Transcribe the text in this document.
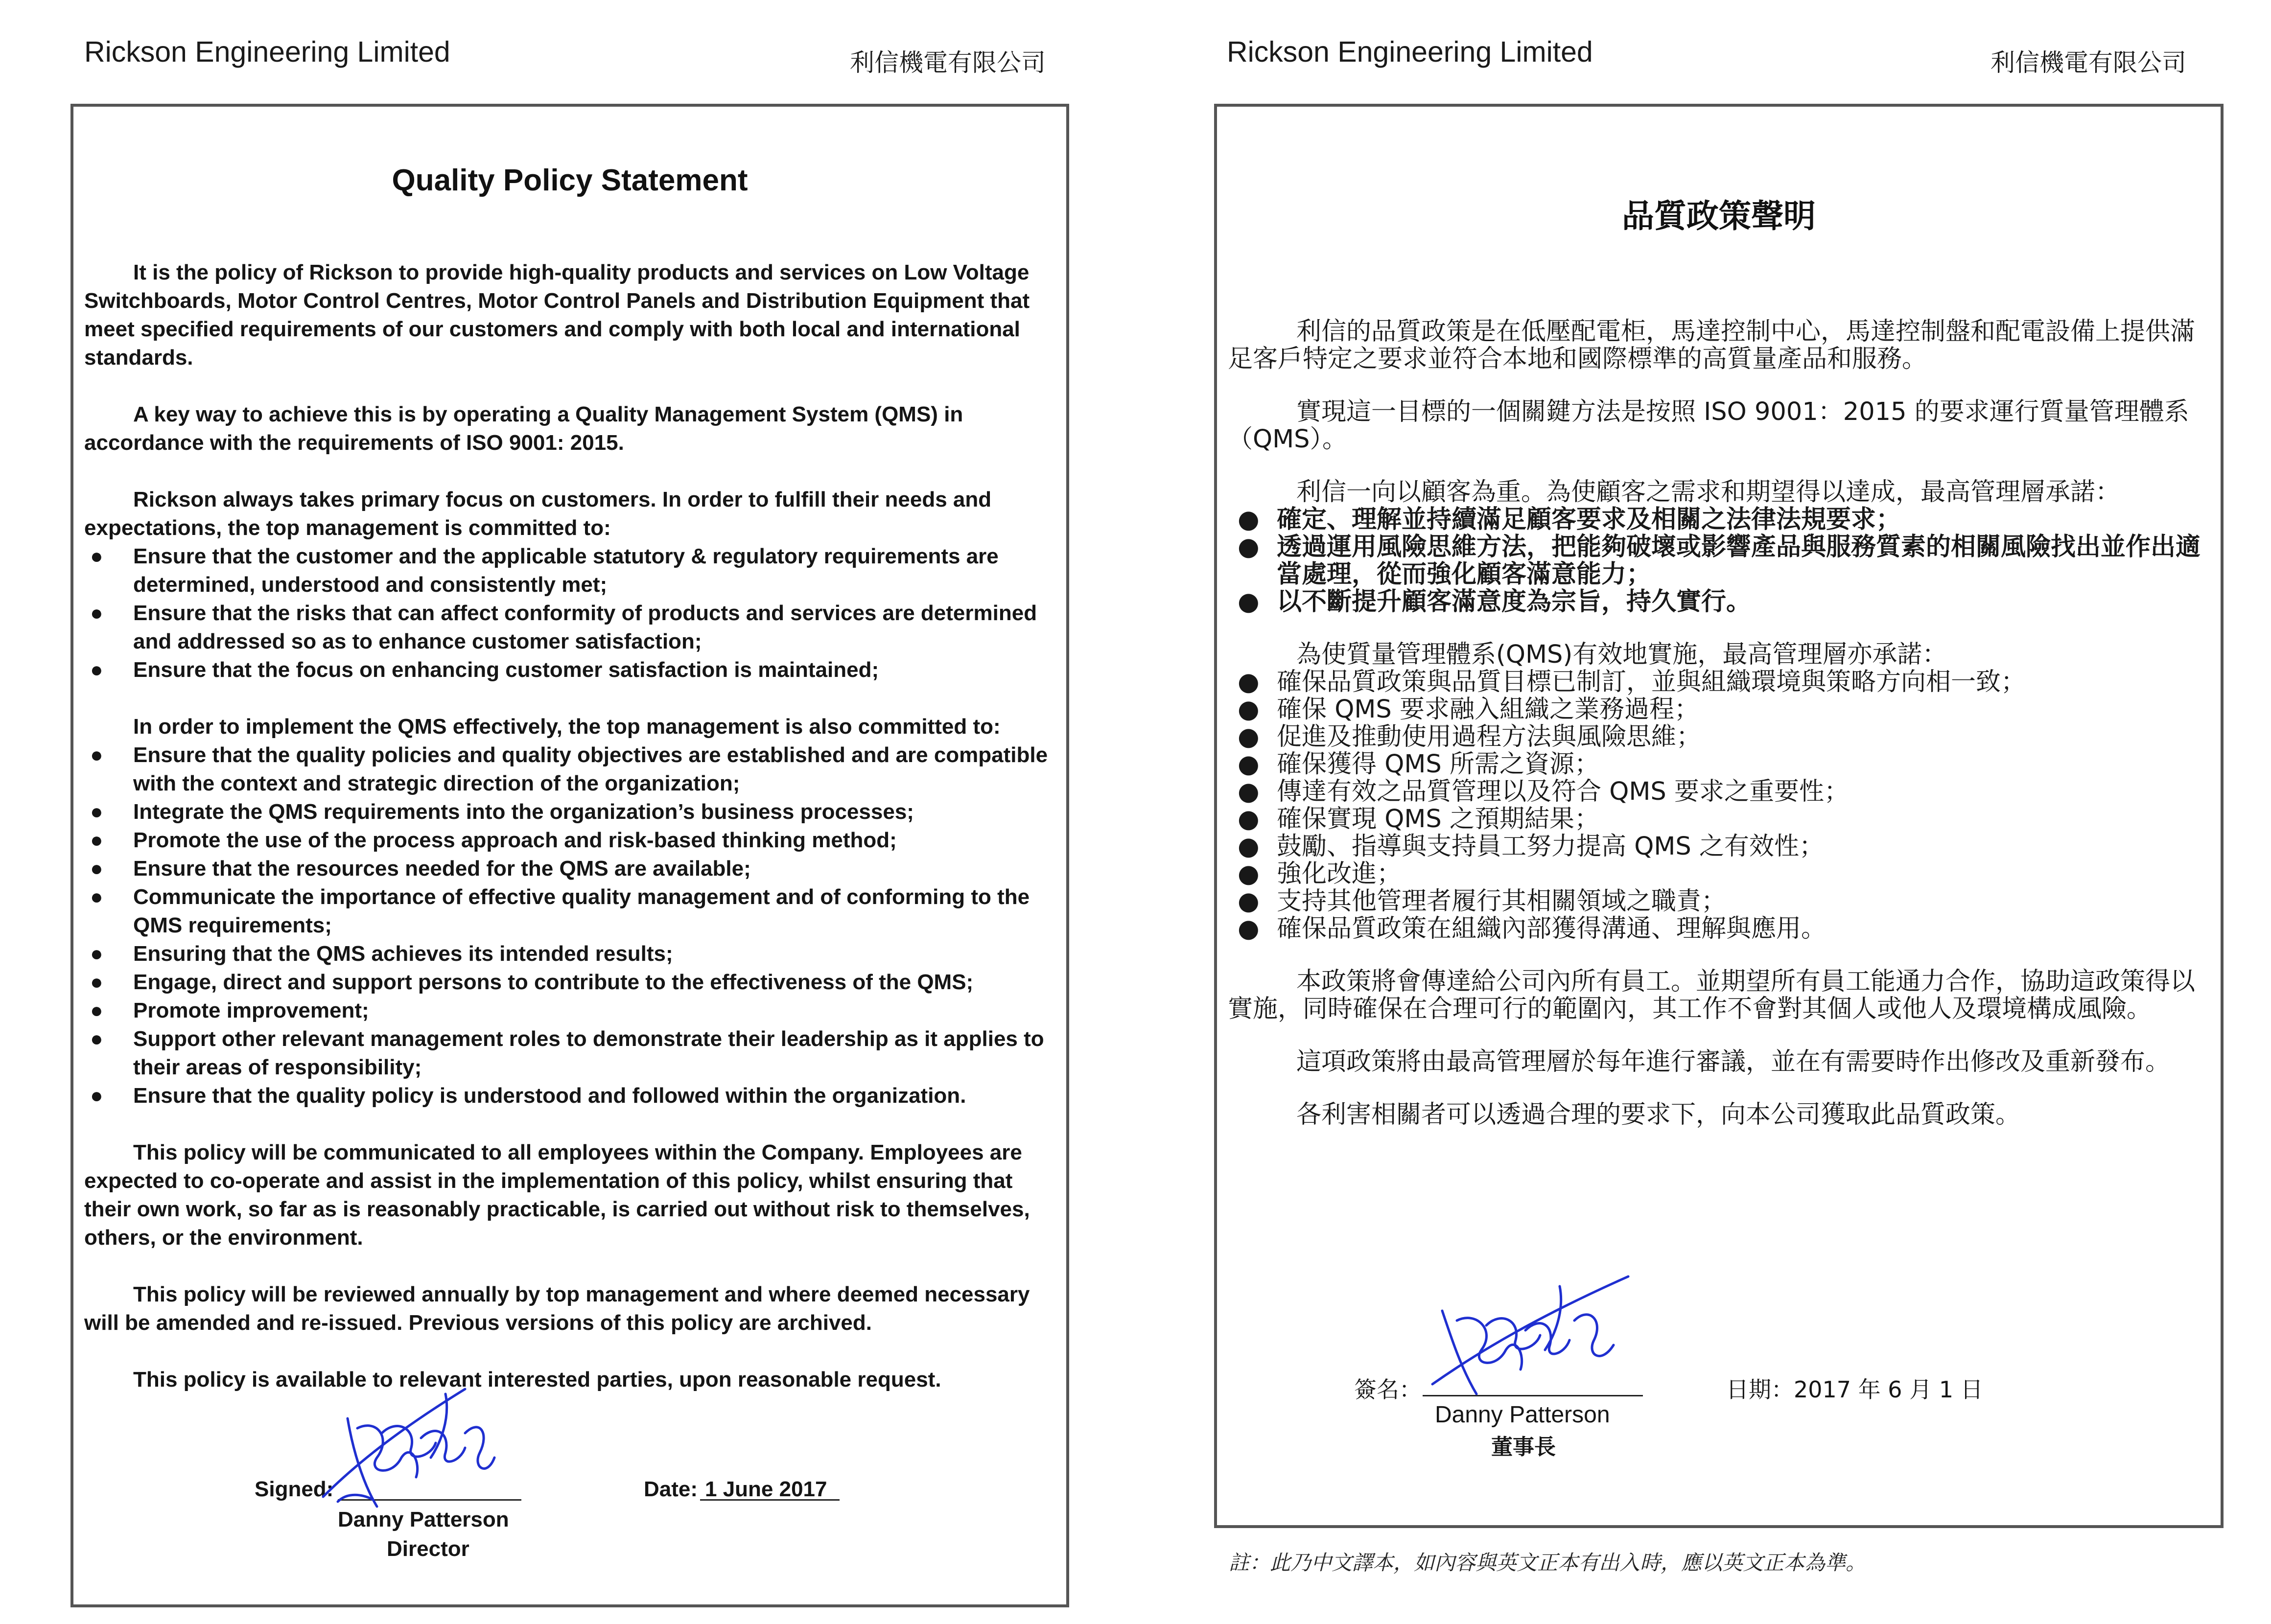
Rickson Engineering Limited	利信機電有限公司
Quality Policy Statement

It is the policy of Rickson to provide high-quality products and services on Low Voltage Switchboards, Motor Control Centres, Motor Control Panels and Distribution Equipment that meet specified requirements of our customers and comply with both local and international standards.

A key way to achieve this is by operating a Quality Management System (QMS) in accordance with the requirements of ISO 9001: 2015.

Rickson always takes primary focus on customers. In order to fulfill their needs and expectations, the top management is committed to:

● Ensure that the customer and the applicable statutory & regulatory requirements are determined, understood and consistently met;
● Ensure that the risks that can affect conformity of products and services are determined and addressed so as to enhance customer satisfaction;
● Ensure that the focus on enhancing customer satisfaction is maintained;

In order to implement the QMS effectively, the top management is also committed to:

● Ensure that the quality policies and quality objectives are established and are compatible with the context and strategic direction of the organization;
● Integrate the QMS requirements into the organization’s business processes;
● Promote the use of the process approach and risk-based thinking method;
● Ensure that the resources needed for the QMS are available;
● Communicate the importance of effective quality management and of conforming to the QMS requirements;
● Ensuring that the QMS achieves its intended results;
● Engage, direct and support persons to contribute to the effectiveness of the QMS;
● Promote improvement;
● Support other relevant management roles to demonstrate their leadership as it applies to their areas of responsibility;
● Ensure that the quality policy is understood and followed within the organization.

This policy will be communicated to all employees within the Company. Employees are expected to co-operate and assist in the implementation of this policy, whilst ensuring that their own work, so far as is reasonably practicable, is carried out without risk to themselves, others, or the environment.

This policy will be reviewed annually by top management and where deemed necessary will be amended and re-issued. Previous versions of this policy are archived.

This policy is available to relevant interested parties, upon reasonable request.

Signed:
Danny Patterson
Director
Date: 1 June 2017
Rickson Engineering Limited	利信機電有限公司
品質政策聲明

利信的品質政策是在低壓配電柜，馬達控制中心，馬達控制盤和配電設備上提供滿足客戶特定之要求並符合本地和國際標準的高質量產品和服務。

實現這一目標的一個關鍵方法是按照 ISO 9001：2015 的要求運行質量管理體系（QMS）。

利信一向以顧客為重。為使顧客之需求和期望得以達成，最高管理層承諾：

● 確定、理解並持續滿足顧客要求及相關之法律法規要求；
● 透過運用風險思維方法，把能夠破壞或影響產品與服務質素的相關風險找出並作出適當處理，從而強化顧客滿意能力；
● 以不斷提升顧客滿意度為宗旨，持久實行。

為使質量管理體系(QMS)有效地實施，最高管理層亦承諾：

● 確保品質政策與品質目標已制訂，並與組織環境與策略方向相一致；
● 確保 QMS 要求融入組織之業務過程；
● 促進及推動使用過程方法與風險思維；
● 確保獲得 QMS 所需之資源；
● 傳達有效之品質管理以及符合 QMS 要求之重要性；
● 確保實現 QMS 之預期結果；
● 鼓勵、指導與支持員工努力提高 QMS 之有效性；
● 強化改進；
● 支持其他管理者履行其相關領域之職責；
● 確保品質政策在組織內部獲得溝通、理解與應用。

本政策將會傳達給公司內所有員工。並期望所有員工能通力合作，協助這政策得以實施，同時確保在合理可行的範圍內，其工作不會對其個人或他人及環境構成風險。

這項政策將由最高管理層於每年進行審議，並在有需要時作出修改及重新發布。

各利害相關者可以透過合理的要求下，向本公司獲取此品質政策。

簽名：
Danny Patterson
董事長
日期：2017 年 6 月 1 日
註：此乃中文譯本，如內容與英文正本有出入時，應以英文正本為準。
